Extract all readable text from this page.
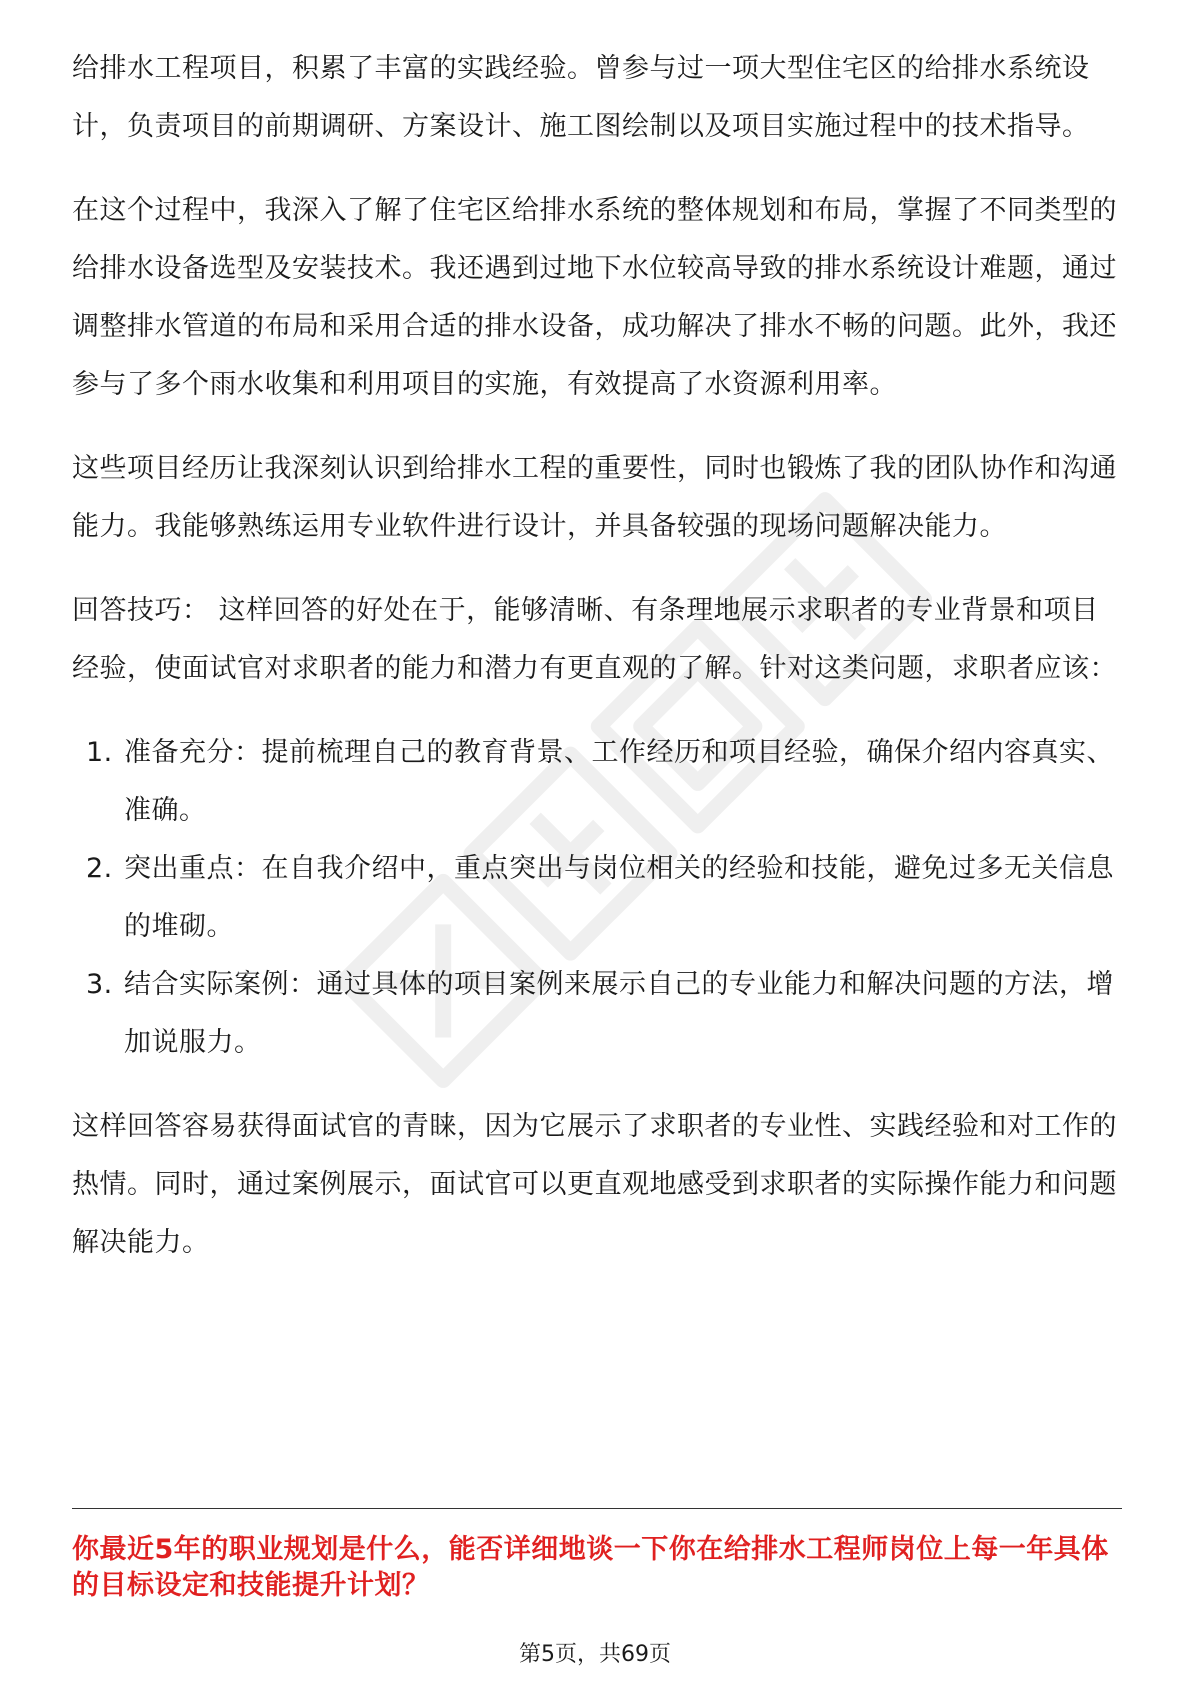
给排水工程项目，积累了丰富的实践经验。曾参与过一项大型住宅区的给排水系统设计，负责项目的前期调研、方案设计、施工图绘制以及项目实施过程中的技术指导。

在这个过程中，我深入了解了住宅区给排水系统的整体规划和布局，掌握了不同类型的给排水设备选型及安装技术。我还遇到过地下水位较高导致的排水系统设计难题，通过调整排水管道的布局和采用合适的排水设备，成功解决了排水不畅的问题。此外，我还参与了多个雨水收集和利用项目的实施，有效提高了水资源利用率。

这些项目经历让我深刻认识到给排水工程的重要性，同时也锻炼了我的团队协作和沟通能力。我能够熟练运用专业软件进行设计，并具备较强的现场问题解决能力。

回答技巧： 这样回答的好处在于，能够清晰、有条理地展示求职者的专业背景和项目经验，使面试官对求职者的能力和潜力有更直观的了解。针对这类问题，求职者应该：

1. 准备充分：提前梳理自己的教育背景、工作经历和项目经验，确保介绍内容真实、准确。
2. 突出重点：在自我介绍中，重点突出与岗位相关的经验和技能，避免过多无关信息的堆砌。
3. 结合实际案例：通过具体的项目案例来展示自己的专业能力和解决问题的方法，增加说服力。

这样回答容易获得面试官的青睐，因为它展示了求职者的专业性、实践经验和对工作的热情。同时，通过案例展示，面试官可以更直观地感受到求职者的实际操作能力和问题解决能力。

你最近5年的职业规划是什么，能否详细地谈一下你在给排水工程师岗位上每一年具体的目标设定和技能提升计划？
第5页，共69页
